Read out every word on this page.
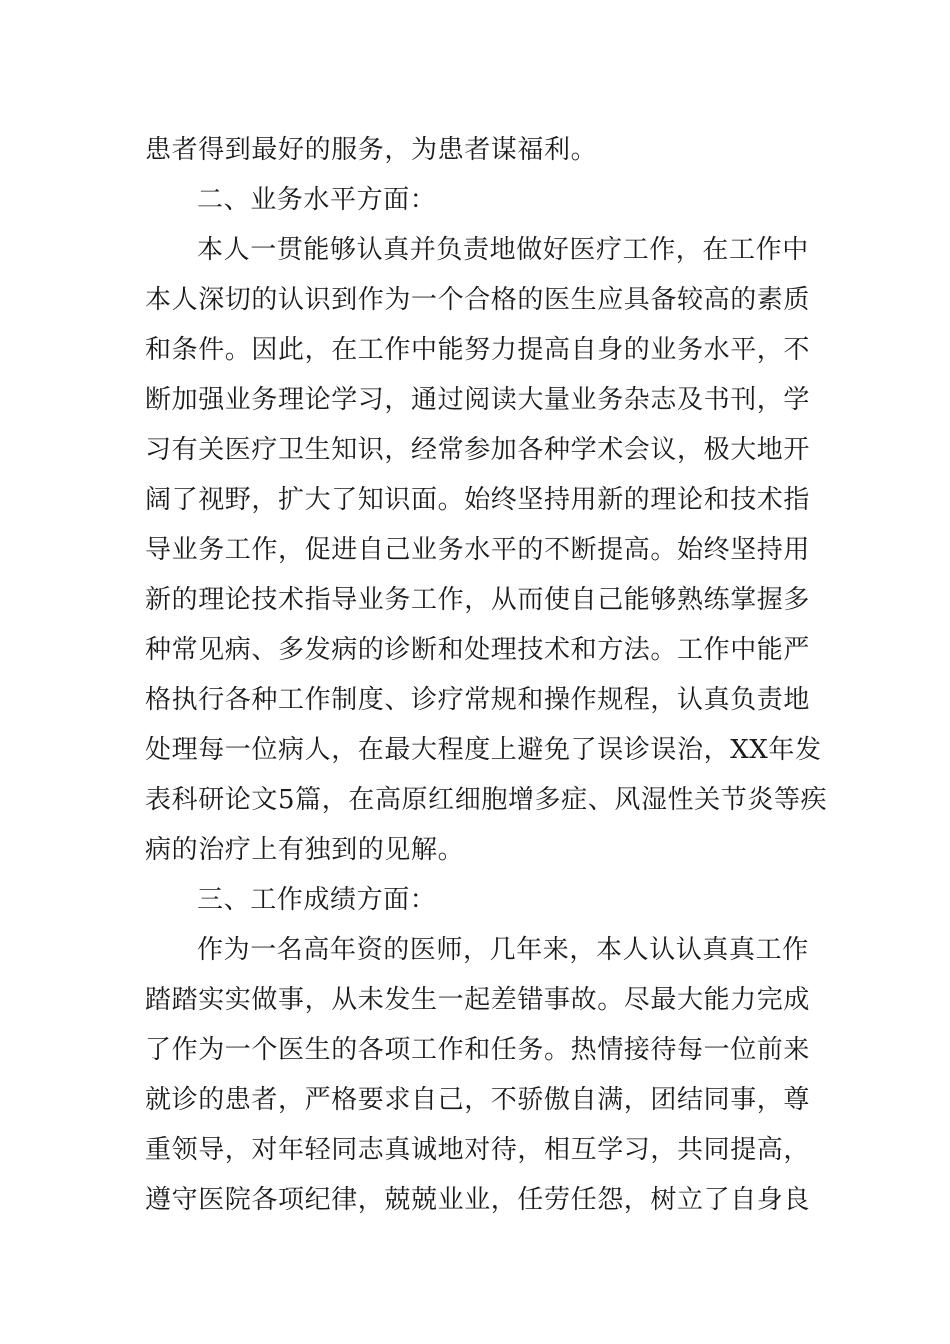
患者得到最好的服务，为患者谋福利。
二、业务水平方面：
本人一贯能够认真并负责地做好医疗工作，在工作中
本人深切的认识到作为一个合格的医生应具备较高的素质
和条件。因此，在工作中能努力提高自身的业务水平，不
断加强业务理论学习，通过阅读大量业务杂志及书刊，学
习有关医疗卫生知识，经常参加各种学术会议，极大地开
阔了视野，扩大了知识面。始终坚持用新的理论和技术指
导业务工作，促进自己业务水平的不断提高。始终坚持用
新的理论技术指导业务工作，从而使自己能够熟练掌握多
种常见病、多发病的诊断和处理技术和方法。工作中能严
格执行各种工作制度、诊疗常规和操作规程，认真负责地
处理每一位病人，在最大程度上避免了误诊误治，XX年发
表科研论文5篇，在高原红细胞增多症、风湿性关节炎等疾
病的治疗上有独到的见解。
三、工作成绩方面：
作为一名高年资的医师，几年来，本人认认真真工作
踏踏实实做事，从未发生一起差错事故。尽最大能力完成
了作为一个医生的各项工作和任务。热情接待每一位前来
就诊的患者，严格要求自己，不骄傲自满，团结同事，尊
重领导，对年轻同志真诚地对待，相互学习，共同提高，
遵守医院各项纪律，兢兢业业，任劳任怨，树立了自身良
